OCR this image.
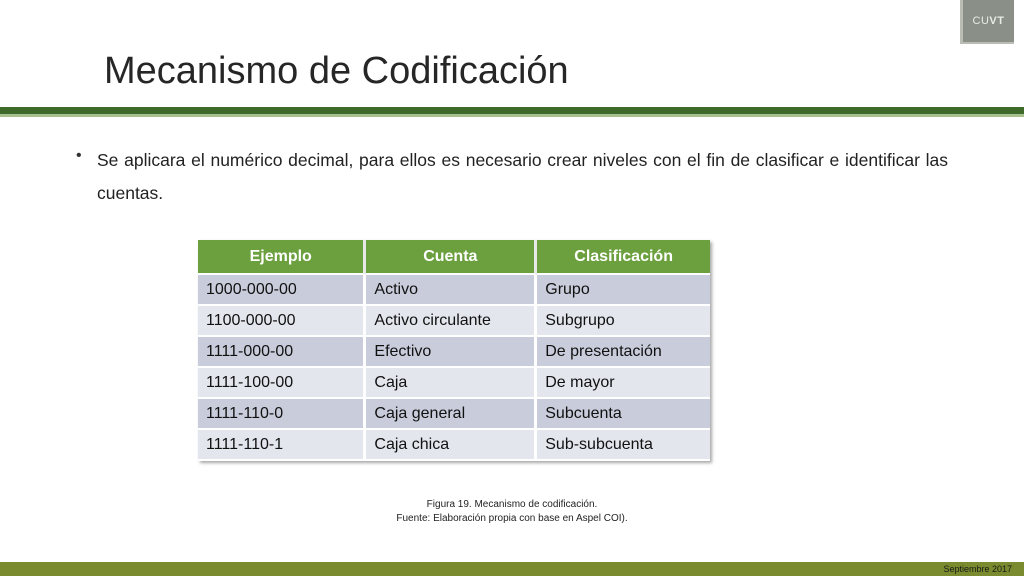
CUVT
Mecanismo de Codificación
• Se aplicara el numérico decimal, para ellos es necesario crear niveles con el fin de clasificar e identificar las cuentas.

Ejemplo	Cuenta	Clasificación
1000-000-00	Activo	Grupo
1100-000-00	Activo circulante	Subgrupo
1111-000-00	Efectivo	De presentación
1111-100-00	Caja	De mayor
1111-110-0	Caja general	Subcuenta
1111-110-1	Caja chica	Sub-subcuenta
Figura 19. Mecanismo de codificación.
Fuente: Elaboración propia con base en Aspel COI).
Septiembre 2017
